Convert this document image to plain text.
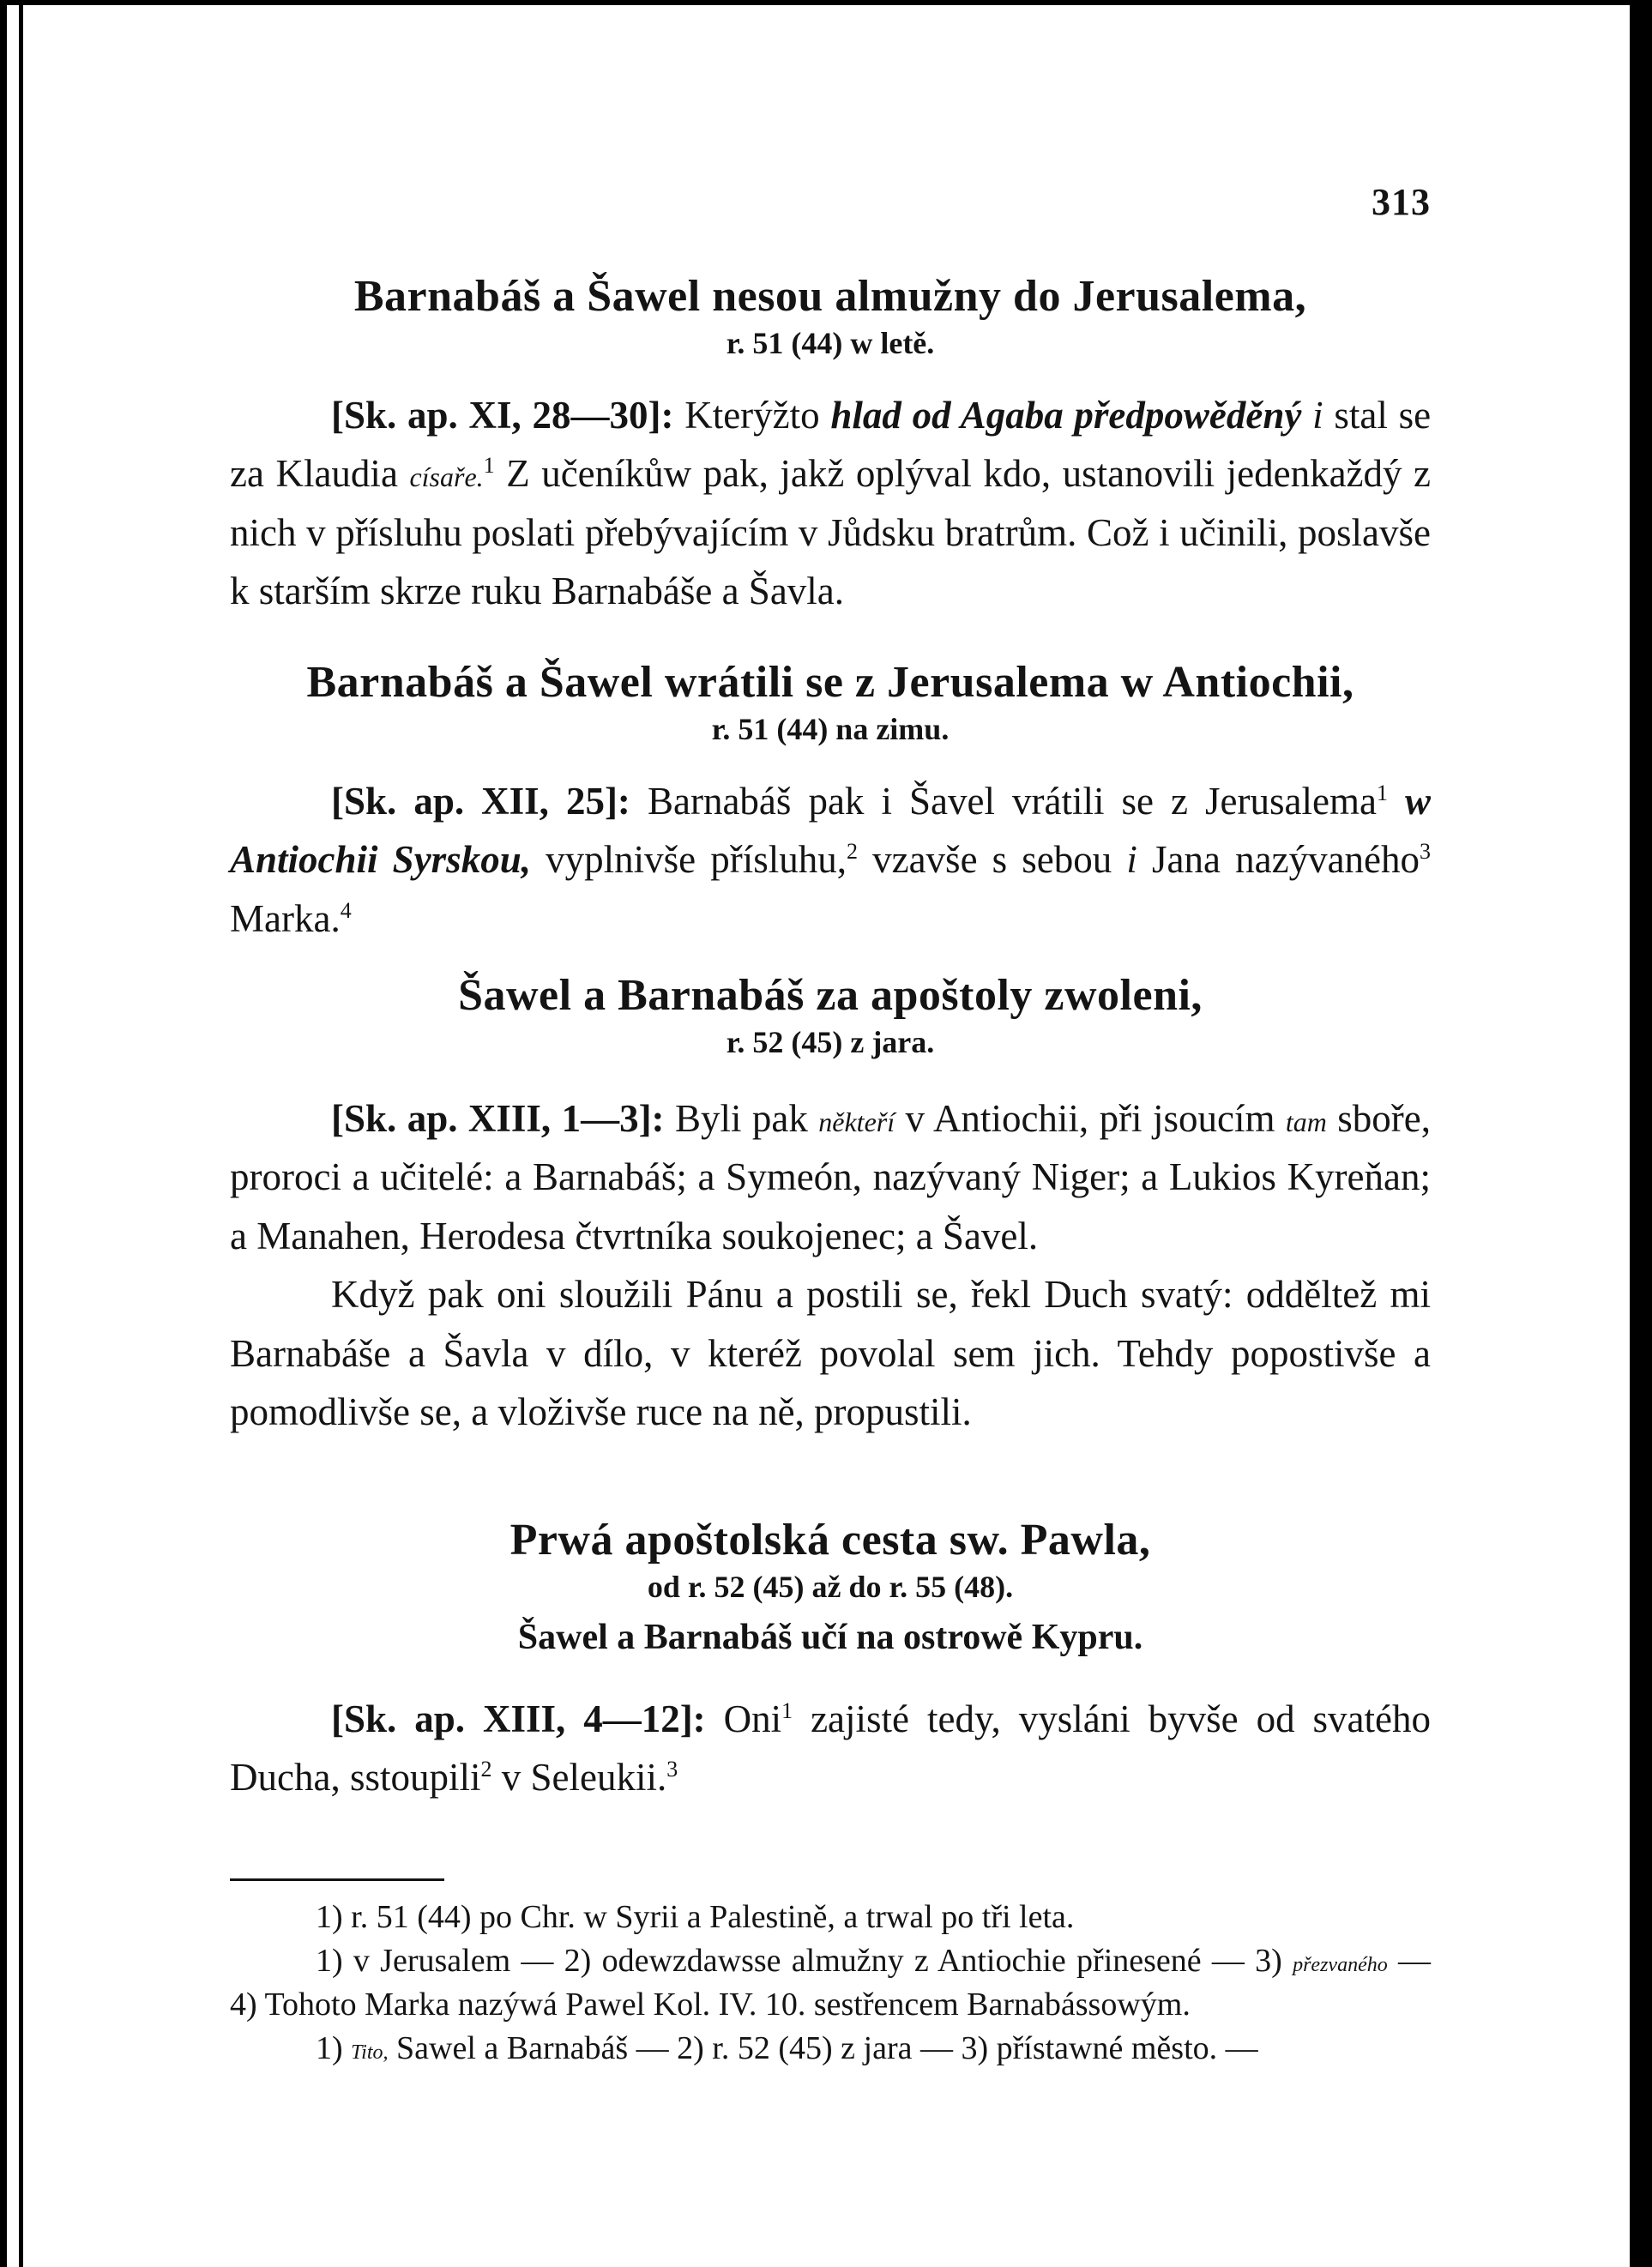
313
Barnabáš a Šawel nesou almužny do Jerusalema,
r. 51 (44) w letě.

[Sk. ap. XI, 28—30]: Kterýžto hlad od Agaba předpowěděný i stal se za Klaudia císaře.$^1$ Z učeníkůw pak, jakž oplýval kdo, ustanovili jedenkaždý z nich v přísluhu poslati přebývajícím v Jůdsku bratrům. Což i učinili, poslavše k starším skrze ruku Barnabáše a Šavla.

Barnabáš a Šawel wrátili se z Jerusalema w Antiochii,
r. 51 (44) na zimu.

[Sk. ap. XII, 25]: Barnabáš pak i Šavel vrátili se z Jerusalema$^1$ w Antiochii Syrskou, vyplnivše přísluhu,$^2$ vzavše s sebou i Jana nazývaného$^3$ Marka.$^4$

Šawel a Barnabáš za apoštoly zwoleni,
r. 52 (45) z jara.

[Sk. ap. XIII, 1—3]: Byli pak někteří v Antiochii, při jsoucím tam sboře, proroci a učitelé: a Barnabáš; a Symeón, nazývaný Niger; a Lukios Kyreňan; a Manahen, Herodesa čtvrtníka soukojenec; a Šavel.

Když pak oni sloužili Pánu a postili se, řekl Duch svatý: odděltež mi Barnabáše a Šavla v dílo, v kteréž povolal sem jich. Tehdy popostivše a pomodlivše se, a vloživše ruce na ně, propustili.

Prwá apoštolská cesta sw. Pawla,
od r. 52 (45) až do r. 55 (48).
Šawel a Barnabáš učí na ostrowě Kypru.

[Sk. ap. XIII, 4—12]: Oni$^1$ zajisté tedy, vysláni byvše od svatého Ducha, sstoupili$^2$ v Seleukii.$^3$

1) r. 51 (44) po Chr. w Syrii a Palestině, a trwal po tři leta.
1) v Jerusalem — 2) odewzdawsse almužny z Antiochie přinesené — 3) přezvaného — 4) Tohoto Marka nazýwá Pawel Kol. IV. 10. sestřencem Barnabássowým.
1) Tito, Sawel a Barnabáš — 2) r. 52 (45) z jara — 3) přístawné město. —
